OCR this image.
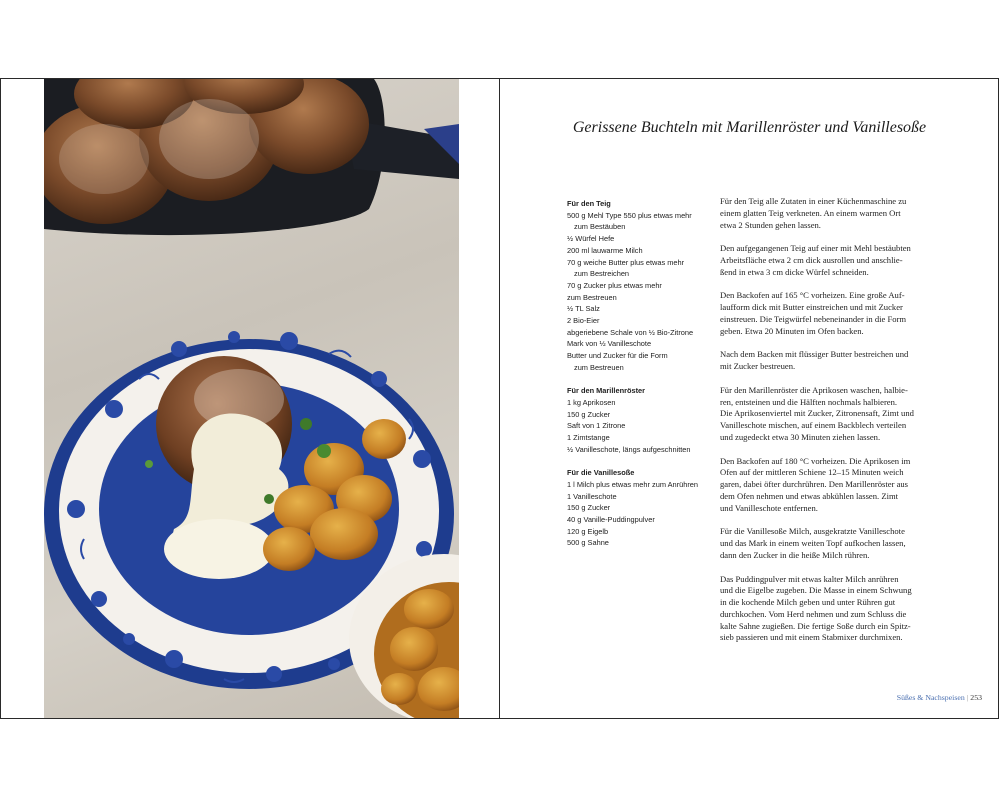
Gerissene Buchteln mit Marillenröster und Vanillesoße
Für den Teig
500 g Mehl Type 550 plus etwas mehr
zum Bestäuben
½ Würfel Hefe
200 ml lauwarme Milch
70 g weiche Butter plus etwas mehr
zum Bestreichen
70 g Zucker plus etwas mehr
zum Bestreuen
½ TL Salz
2 Bio-Eier
abgeriebene Schale von ½ Bio-Zitrone
Mark von ½ Vanilleschote
Butter und Zucker für die Form
zum Bestreuen
Für den Marillenröster
1 kg Aprikosen
150 g Zucker
Saft von 1 Zitrone
1 Zimtstange
½ Vanilleschote, längs aufgeschnitten
Für die Vanillesoße
1 l Milch plus etwas mehr zum Anrühren
1 Vanilleschote
150 g Zucker
40 g Vanille-Puddingpulver
120 g Eigelb
500 g Sahne

Für den Teig alle Zutaten in einer Küchenmaschine zu
einem glatten Teig verkneten. An einem warmen Ort
etwa 2 Stunden gehen lassen.

Den aufgegangenen Teig auf einer mit Mehl bestäubten
Arbeitsfläche etwa 2 cm dick ausrollen und anschlie-
ßend in etwa 3 cm dicke Würfel schneiden.

Den Backofen auf 165 °C vorheizen. Eine große Auf-
laufform dick mit Butter einstreichen und mit Zucker
einstreuen. Die Teigwürfel nebeneinander in die Form
geben. Etwa 20 Minuten im Ofen backen.

Nach dem Backen mit flüssiger Butter bestreichen und
mit Zucker bestreuen.

Für den Marillenröster die Aprikosen waschen, halbie-
ren, entsteinen und die Hälften nochmals halbieren.
Die Aprikosenviertel mit Zucker, Zitronensaft, Zimt und
Vanilleschote mischen, auf einem Backblech verteilen
und zugedeckt etwa 30 Minuten ziehen lassen.

Den Backofen auf 180 °C vorheizen. Die Aprikosen im
Ofen auf der mittleren Schiene 12–15 Minuten weich
garen, dabei öfter durchrühren. Den Marillenröster aus
dem Ofen nehmen und etwas abkühlen lassen. Zimt
und Vanilleschote entfernen.

Für die Vanillesoße Milch, ausgekratzte Vanilleschote
und das Mark in einem weiten Topf aufkochen lassen,
dann den Zucker in die heiße Milch rühren.

Das Puddingpulver mit etwas kalter Milch anrühren
und die Eigelbe zugeben. Die Masse in einem Schwung
in die kochende Milch geben und unter Rühren gut
durchkochen. Vom Herd nehmen und zum Schluss die
kalte Sahne zugießen. Die fertige Soße durch ein Spitz-
sieb passieren und mit einem Stabmixer durchmixen.

Süßes & Nachspeisen | 253
